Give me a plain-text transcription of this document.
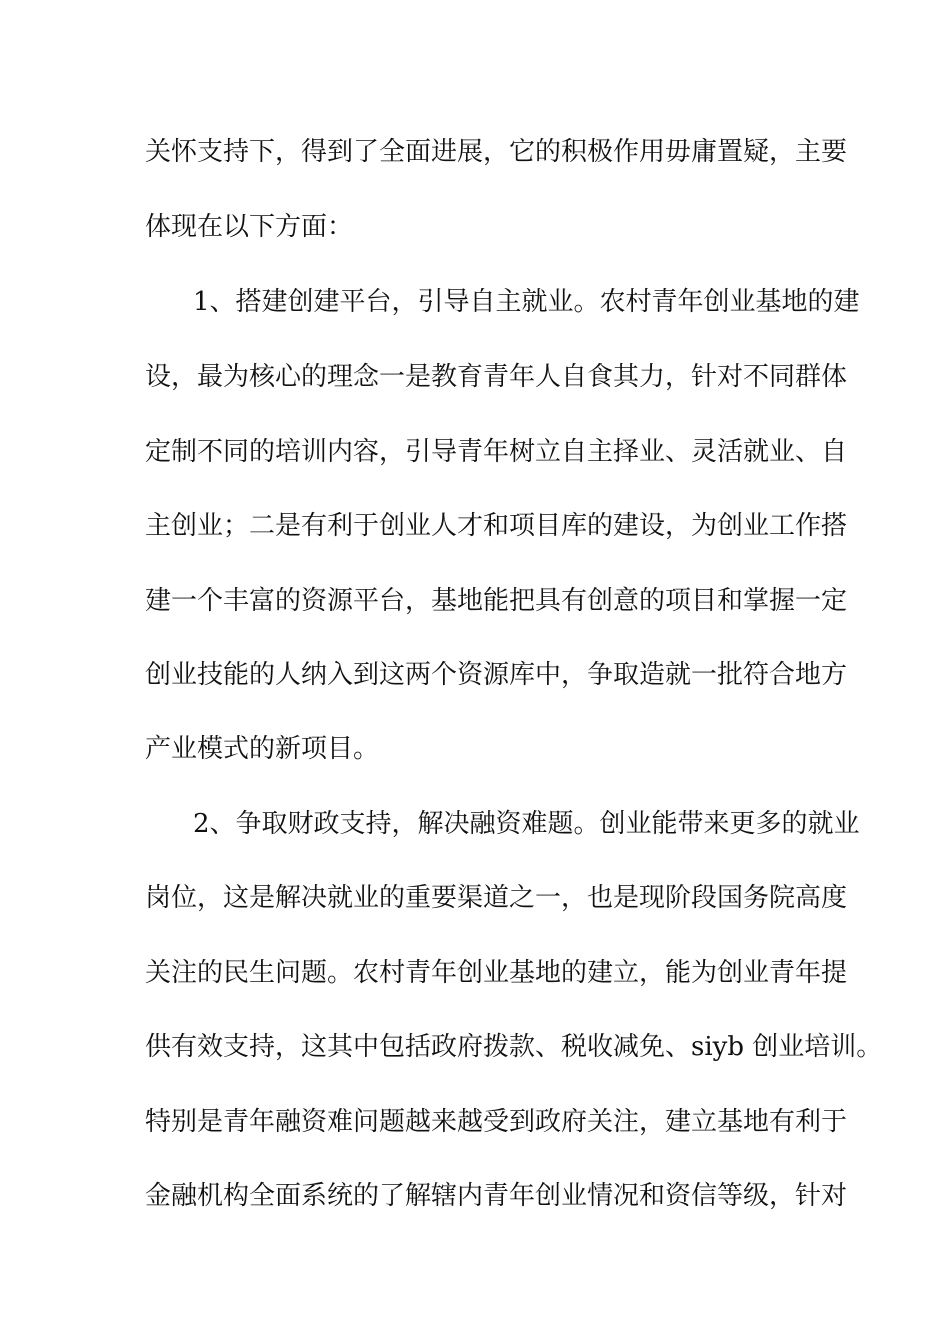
关怀支持下，得到了全面进展，它的积极作用毋庸置疑，主要
体现在以下方面：
1、搭建创建平台，引导自主就业。农村青年创业基地的建
设，最为核心的理念一是教育青年人自食其力，针对不同群体
定制不同的培训内容，引导青年树立自主择业、灵活就业、自
主创业；二是有利于创业人才和项目库的建设，为创业工作搭
建一个丰富的资源平台，基地能把具有创意的项目和掌握一定
创业技能的人纳入到这两个资源库中，争取造就一批符合地方
产业模式的新项目。
2、争取财政支持，解决融资难题。创业能带来更多的就业
岗位，这是解决就业的重要渠道之一，也是现阶段国务院高度
关注的民生问题。农村青年创业基地的建立，能为创业青年提
供有效支持，这其中包括政府拨款、税收减免、siyb 创业培训。
特别是青年融资难问题越来越受到政府关注，建立基地有利于
金融机构全面系统的了解辖内青年创业情况和资信等级，针对
